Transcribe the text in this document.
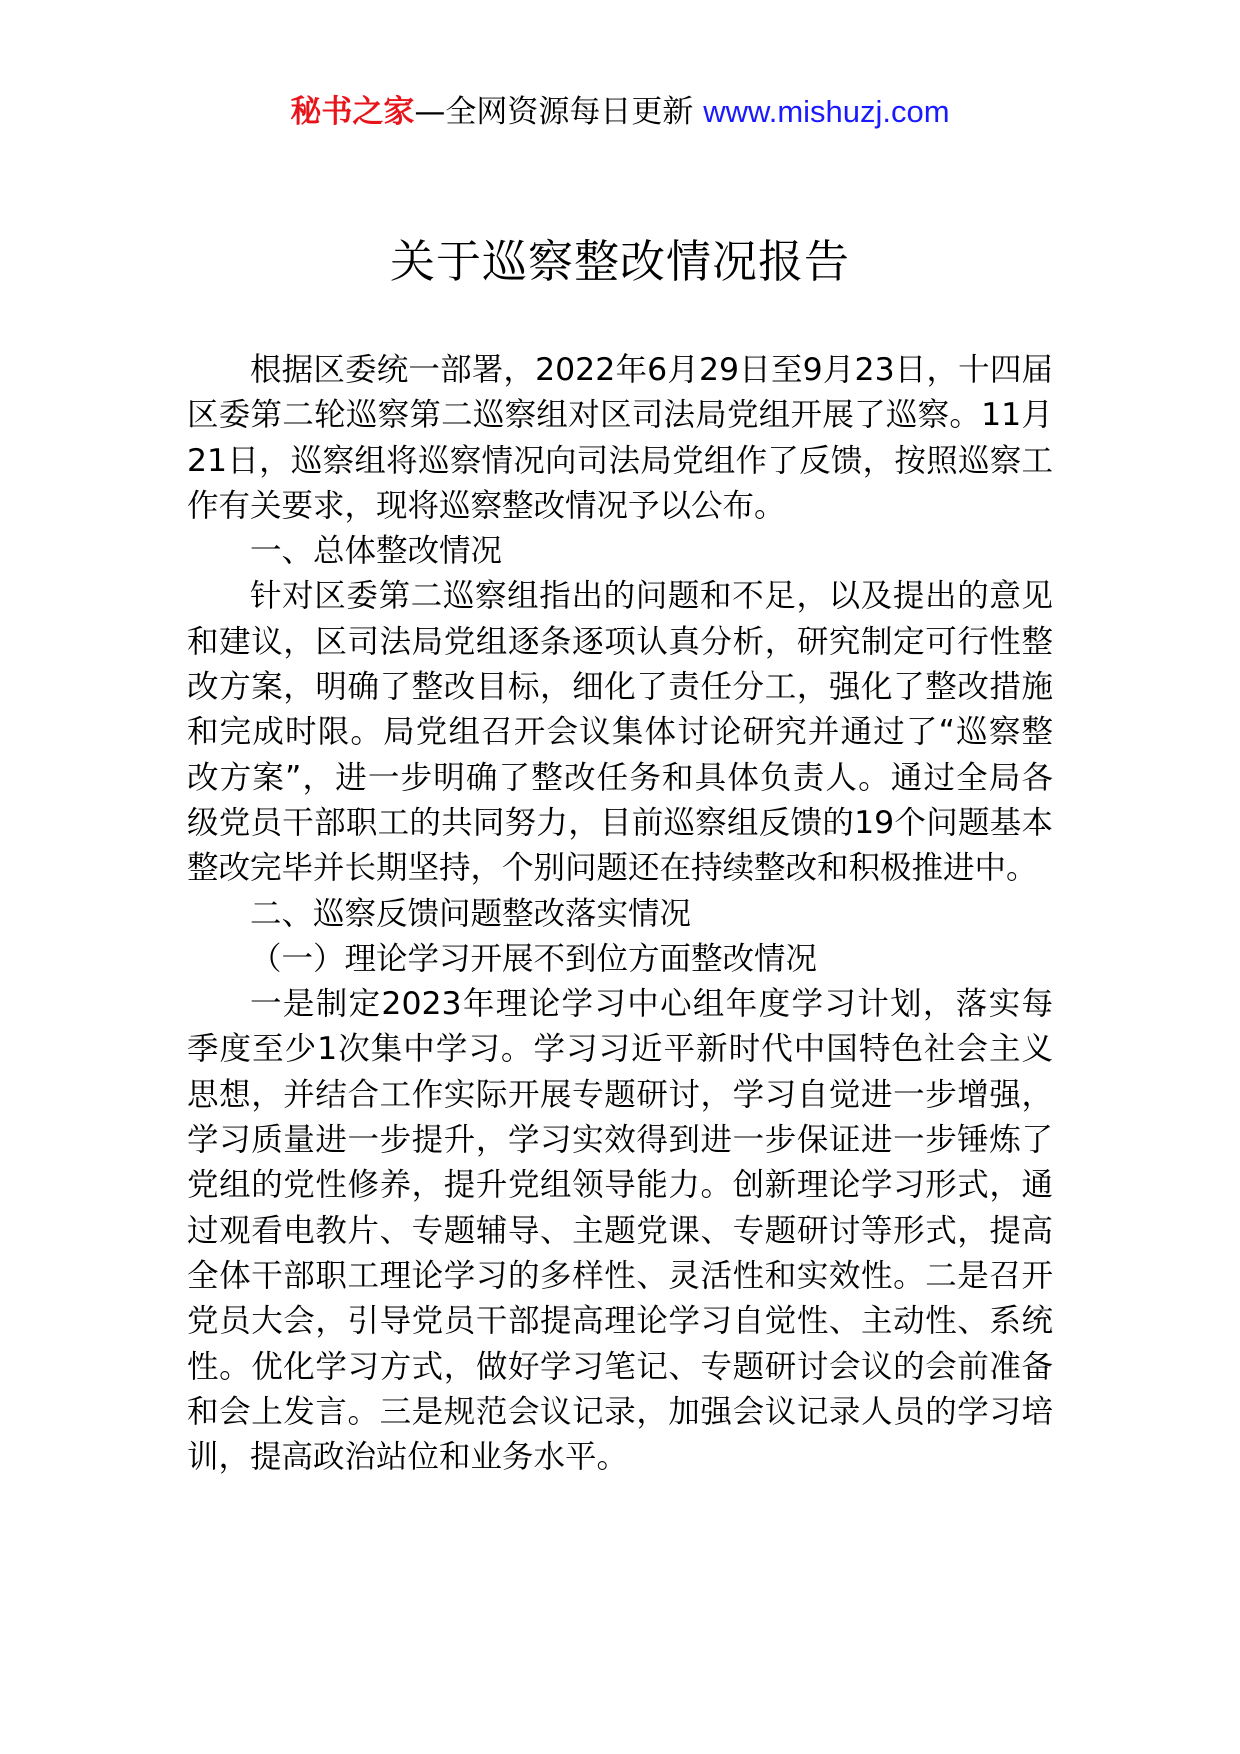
秘书之家—全网资源每日更新 www.mishuzj.com
关于巡察整改情况报告

根据区委统一部署，2022年6月29日至9月23日，十四届区委第二轮巡察第二巡察组对区司法局党组开展了巡察。11月21日，巡察组将巡察情况向司法局党组作了反馈，按照巡察工作有关要求，现将巡察整改情况予以公布。

一、总体整改情况

针对区委第二巡察组指出的问题和不足，以及提出的意见和建议，区司法局党组逐条逐项认真分析，研究制定可行性整改方案，明确了整改目标，细化了责任分工，强化了整改措施和完成时限。局党组召开会议集体讨论研究并通过了“巡察整改方案”，进一步明确了整改任务和具体负责人。通过全局各级党员干部职工的共同努力，目前巡察组反馈的19个问题基本整改完毕并长期坚持，个别问题还在持续整改和积极推进中。

二、巡察反馈问题整改落实情况

（一）理论学习开展不到位方面整改情况

一是制定2023年理论学习中心组年度学习计划，落实每季度至少1次集中学习。学习习近平新时代中国特色社会主义思想，并结合工作实际开展专题研讨，学习自觉进一步增强，学习质量进一步提升，学习实效得到进一步保证进一步锤炼了党组的党性修养，提升党组领导能力。创新理论学习形式，通过观看电教片、专题辅导、主题党课、专题研讨等形式，提高全体干部职工理论学习的多样性、灵活性和实效性。二是召开党员大会，引导党员干部提高理论学习自觉性、主动性、系统性。优化学习方式，做好学习笔记、专题研讨会议的会前准备和会上发言。三是规范会议记录，加强会议记录人员的学习培训，提高政治站位和业务水平。
